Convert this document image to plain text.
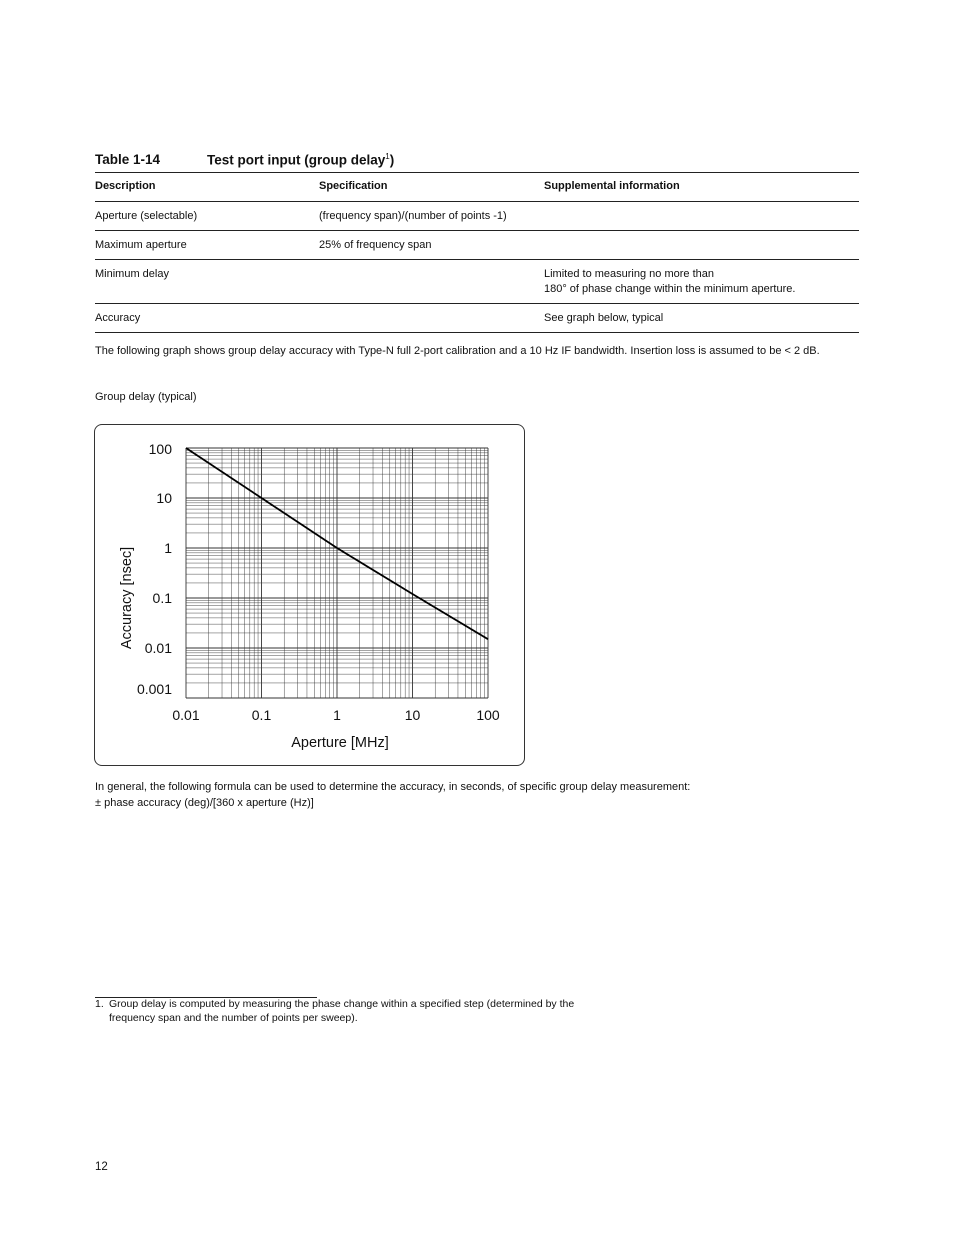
Table 1-14	Test port input (group delay$^1$)
Description	Specification	Supplemental information
Aperture (selectable)	(frequency span)/(number of points -1)	
Maximum aperture	25% of frequency span	
Minimum delay		Limited to measuring no more than
180° of phase change within the minimum aperture.
Accuracy		See graph below, typical
The following graph shows group delay accuracy with Type-N full 2-port calibration and a 10 Hz IF bandwidth. Insertion loss is assumed to be < 2 dB.
Group delay (typical)
0.01	0.1	1	10	100
100
10
1
0.1
0.01
0.001
Aperture [MHz]
Accuracy [nsec]
In general, the following formula can be used to determine the accuracy, in seconds, of specific group delay measurement:
± phase accuracy (deg)/[360 x aperture (Hz)]
1. Group delay is computed by measuring the phase change within a specified step (determined by the
frequency span and the number of points per sweep).
12
